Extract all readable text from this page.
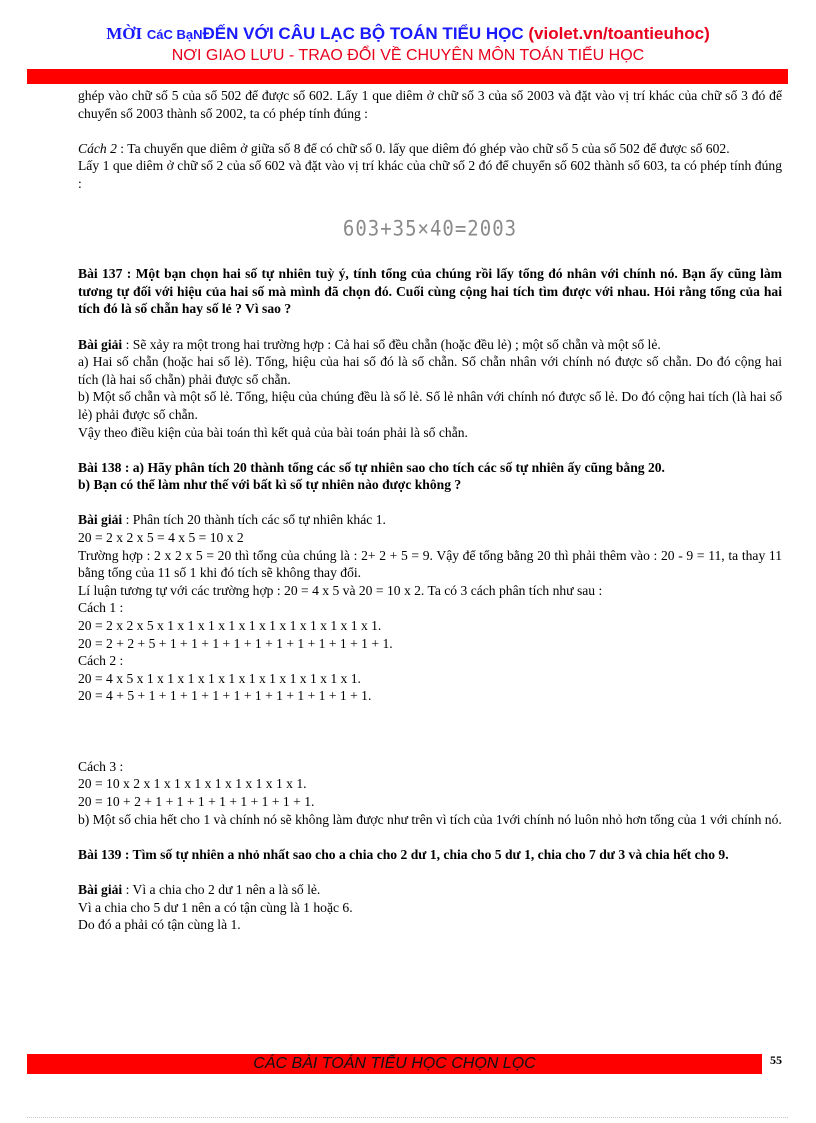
MỜI CáC BạNĐẾN VỚI CÂU LẠC BỘ TOÁN TIỂU HỌC (violet.vn/toantieuhoc)
NƠI GIAO LƯU - TRAO ĐỔI VỀ CHUYÊN MÔN TOÁN TIỂU HỌC

ghép vào chữ số 5 của số 502 để được số 602. Lấy 1 que diêm ở chữ số 3 của số 2003 và đặt vào vị trí khác của chữ số 3 đó để chuyển số 2003 thành số 2002, ta có phép tính đúng :

Cách 2 : Ta chuyển que diêm ở giữa số 8 để có chữ số 0. lấy que diêm đó ghép vào chữ số 5 của số 502 để được số 602.

Lấy 1 que diêm ở chữ số 2 của số 602 và đặt vào vị trí khác của chữ số 2 đó để chuyển số 602 thành số 603, ta có phép tính đúng :

603+35×40=2003

Bài 137 : Một bạn chọn hai số tự nhiên tuỳ ý, tính tổng của chúng rồi lấy tổng đó nhân với chính nó. Bạn ấy cũng làm tương tự đối với hiệu của hai số mà mình đã chọn đó. Cuối cùng cộng hai tích tìm được với nhau. Hỏi rằng tổng của hai tích đó là số chẵn hay số lẻ ? Vì sao ?

Bài giải : Sẽ xảy ra một trong hai trường hợp : Cả hai số đều chẵn (hoặc đều lẻ) ; một số chẵn và một số lẻ.

a) Hai số chẵn (hoặc hai số lẻ). Tổng, hiệu của hai số đó là số chẵn. Số chẵn nhân với chính nó được số chẵn. Do đó cộng hai tích (là hai số chẵn) phải được số chẵn.

b) Một số chẵn và một số lẻ. Tổng, hiệu của chúng đều là số lẻ. Số lẻ nhân với chính nó được số lẻ. Do đó cộng hai tích (là hai số lẻ) phải được số chẵn.

Vậy theo điều kiện của bài toán thì kết quả của bài toán phải là số chẵn.

Bài 138 : a) Hãy phân tích 20 thành tổng các số tự nhiên sao cho tích các số tự nhiên ấy cũng bằng 20.

b) Bạn có thể làm như thế với bất kì số tự nhiên nào được không ?

Bài giải : Phân tích 20 thành tích các số tự nhiên khác 1.

20 = 2 x 2 x 5 = 4 x 5 = 10 x 2

Trường hợp : 2 x 2 x 5 = 20 thì tổng của chúng là : 2+ 2 + 5 = 9. Vậy để tổng bằng 20 thì phải thêm vào : 20 - 9 = 11, ta thay 11 bằng tổng của 11 số 1 khi đó tích sẽ không thay đổi.

Lí luận tương tự với các trường hợp : 20 = 4 x 5 và 20 = 10 x 2. Ta có 3 cách phân tích như sau :

Cách 1 :

20 = 2 x 2 x 5 x 1 x 1 x 1 x 1 x 1 x 1 x 1 x 1 x 1 x 1 x 1.

20 = 2 + 2 + 5 + 1 + 1 + 1 + 1 + 1 + 1 + 1 + 1 + 1 + 1 + 1.

Cách 2 :

20 = 4 x 5 x 1 x 1 x 1 x 1 x 1 x 1 x 1 x 1 x 1 x 1 x 1.

20 = 4 + 5 + 1 + 1 + 1 + 1 + 1 + 1 + 1 + 1 + 1 + 1 + 1.

Cách 3 :

20 = 10 x 2 x 1 x 1 x 1 x 1 x 1 x 1 x 1 x 1.

20 = 10 + 2 + 1 + 1 + 1 + 1 + 1 + 1 + 1 + 1.

b) Một số chia hết cho 1 và chính nó sẽ không làm được như trên vì tích của 1với chính nó luôn nhỏ hơn tổng của 1 với chính nó.

Bài 139 : Tìm số tự nhiên a nhỏ nhất sao cho a chia cho 2 dư 1, chia cho 5 dư 1, chia cho 7 dư 3 và chia hết cho 9.

Bài giải : Vì a chia cho 2 dư 1 nên a là số lẻ.

Vì a chia cho 5 dư 1 nên a có tận cùng là 1 hoặc 6.

Do đó a phải có tận cùng là 1.

CÁC BÀI TOÁN TIỂU HỌC CHỌN LỌC	55
